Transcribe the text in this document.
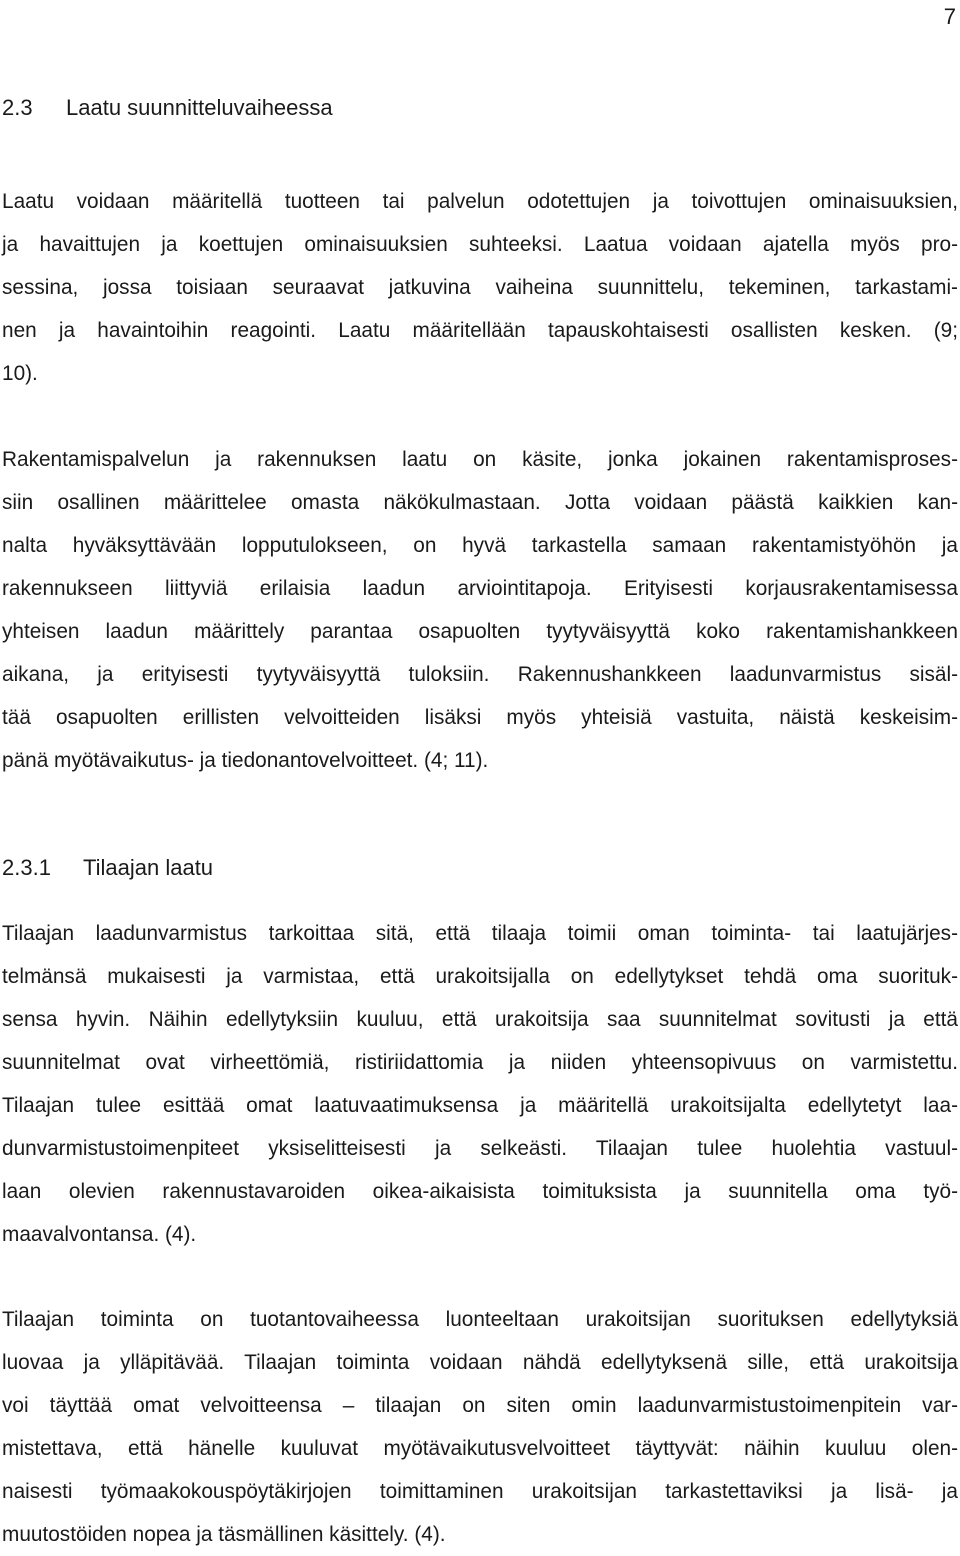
7
2.3 Laatu suunnitteluvaiheessa
Laatu voidaan määritellä tuotteen tai palvelun odotettujen ja toivottujen ominaisuuksien,
ja havaittujen ja koettujen ominaisuuksien suhteeksi. Laatua voidaan ajatella myös pro-
sessina, jossa toisiaan seuraavat jatkuvina vaiheina suunnittelu, tekeminen, tarkastami-
nen ja havaintoihin reagointi. Laatu määritellään tapauskohtaisesti osallisten kesken. (9;
10).
Rakentamispalvelun ja rakennuksen laatu on käsite, jonka jokainen rakentamisproses-
siin osallinen määrittelee omasta näkökulmastaan. Jotta voidaan päästä kaikkien kan-
nalta hyväksyttävään lopputulokseen, on hyvä tarkastella samaan rakentamistyöhön ja
rakennukseen liittyviä erilaisia laadun arviointitapoja. Erityisesti korjausrakentamisessa
yhteisen laadun määrittely parantaa osapuolten tyytyväisyyttä koko rakentamishankkeen
aikana, ja erityisesti tyytyväisyyttä tuloksiin. Rakennushankkeen laadunvarmistus sisäl-
tää osapuolten erillisten velvoitteiden lisäksi myös yhteisiä vastuita, näistä keskeisim-
pänä myötävaikutus- ja tiedonantovelvoitteet. (4; 11).
2.3.1 Tilaajan laatu
Tilaajan laadunvarmistus tarkoittaa sitä, että tilaaja toimii oman toiminta- tai laatujärjes-
telmänsä mukaisesti ja varmistaa, että urakoitsijalla on edellytykset tehdä oma suorituk-
sensa hyvin. Näihin edellytyksiin kuuluu, että urakoitsija saa suunnitelmat sovitusti ja että
suunnitelmat ovat virheettömiä, ristiriidattomia ja niiden yhteensopivuus on varmistettu.
Tilaajan tulee esittää omat laatuvaatimuksensa ja määritellä urakoitsijalta edellytetyt laa-
dunvarmistustoimenpiteet yksiselitteisesti ja selkeästi. Tilaajan tulee huolehtia vastuul-
laan olevien rakennustavaroiden oikea-aikaisista toimituksista ja suunnitella oma työ-
maavalvontansa. (4).
Tilaajan toiminta on tuotantovaiheessa luonteeltaan urakoitsijan suorituksen edellytyksiä
luovaa ja ylläpitävää. Tilaajan toiminta voidaan nähdä edellytyksenä sille, että urakoitsija
voi täyttää omat velvoitteensa – tilaajan on siten omin laadunvarmistustoimenpitein var-
mistettava, että hänelle kuuluvat myötävaikutusvelvoitteet täyttyvät: näihin kuuluu olen-
naisesti työmaakokouspöytäkirjojen toimittaminen urakoitsijan tarkastettaviksi ja lisä- ja
muutostöiden nopea ja täsmällinen käsittely. (4).
